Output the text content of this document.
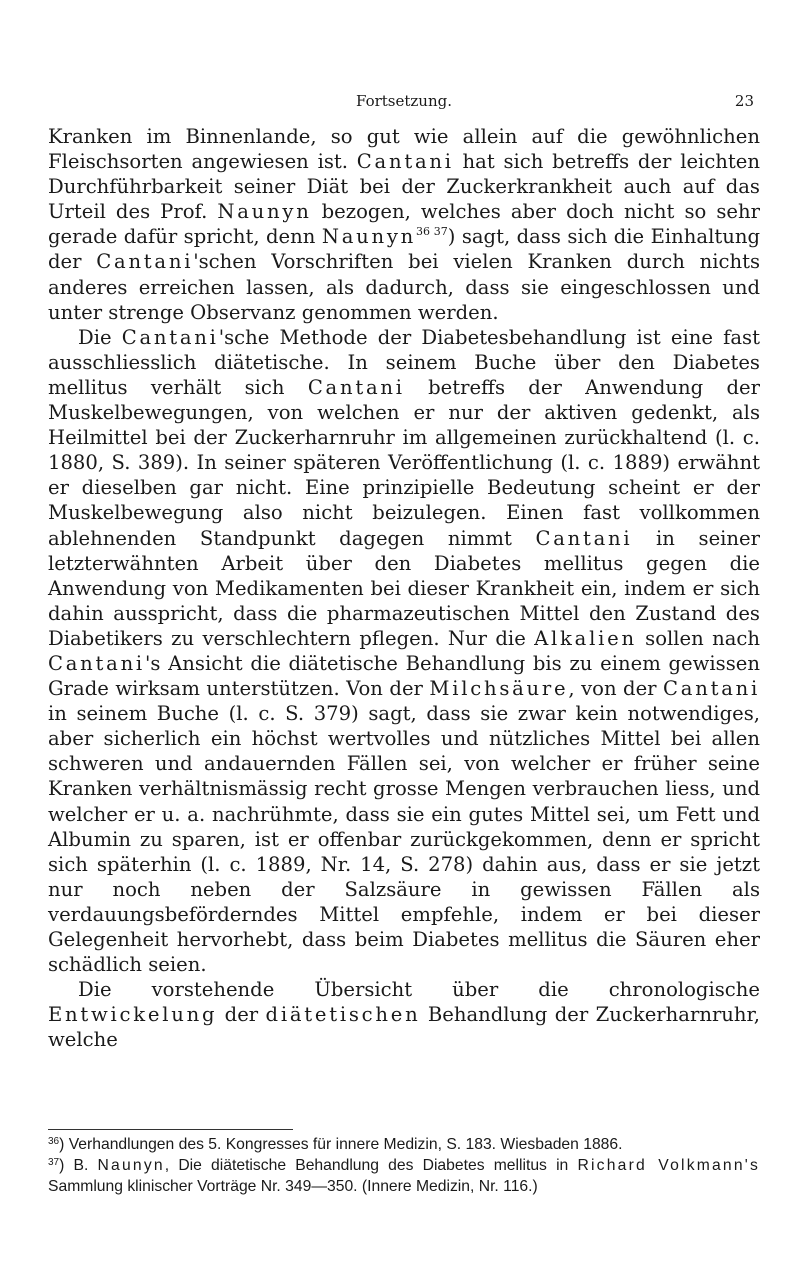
Fortsetzung.	23

Kranken im Binnenlande, so gut wie allein auf die gewöhnlichen Fleischsorten angewiesen ist. Cantani hat sich betreffs der leichten Durchführbarkeit seiner Diät bei der Zuckerkrankheit auch auf das Urteil des Prof. Naunyn bezogen, welches aber doch nicht so sehr gerade dafür spricht, denn Naunyn$^{36 37}$) sagt, dass sich die Einhaltung der Cantani'schen Vorschriften bei vielen Kranken durch nichts anderes erreichen lassen, als dadurch, dass sie eingeschlossen und unter strenge Observanz genommen werden.

Die Cantani'sche Methode der Diabetesbehandlung ist eine fast ausschliesslich diätetische. In seinem Buche über den Diabetes mellitus verhält sich Cantani betreffs der Anwendung der Muskelbewegungen, von welchen er nur der aktiven gedenkt, als Heilmittel bei der Zuckerharnruhr im allgemeinen zurückhaltend (l. c. 1880, S. 389). In seiner späteren Veröffentlichung (l. c. 1889) erwähnt er dieselben gar nicht. Eine prinzipielle Bedeutung scheint er der Muskelbewegung also nicht beizulegen. Einen fast vollkommen ablehnenden Standpunkt dagegen nimmt Cantani in seiner letzterwähnten Arbeit über den Diabetes mellitus gegen die Anwendung von Medikamenten bei dieser Krankheit ein, indem er sich dahin ausspricht, dass die pharmazeutischen Mittel den Zustand des Diabetikers zu verschlechtern pflegen. Nur die Alkalien sollen nach Cantani's Ansicht die diätetische Behandlung bis zu einem gewissen Grade wirksam unterstützen. Von der Milchsäure, von der Cantani in seinem Buche (l. c. S. 379) sagt, dass sie zwar kein notwendiges, aber sicherlich ein höchst wertvolles und nützliches Mittel bei allen schweren und andauernden Fällen sei, von welcher er früher seine Kranken verhältnismässig recht grosse Mengen verbrauchen liess, und welcher er u. a. nachrühmte, dass sie ein gutes Mittel sei, um Fett und Albumin zu sparen, ist er offenbar zurückgekommen, denn er spricht sich späterhin (l. c. 1889, Nr. 14, S. 278) dahin aus, dass er sie jetzt nur noch neben der Salzsäure in gewissen Fällen als verdauungsbeförderndes Mittel empfehle, indem er bei dieser Gelegenheit hervorhebt, dass beim Diabetes mellitus die Säuren eher schädlich seien.

Die vorstehende Übersicht über die chronologische Entwickelung der diätetischen Behandlung der Zuckerharnruhr, welche

$^{36}$) Verhandlungen des 5. Kongresses für innere Medizin, S. 183. Wiesbaden 1886.

$^{37}$) B. Naunyn, Die diätetische Behandlung des Diabetes mellitus in Richard Volkmann's Sammlung klinischer Vorträge Nr. 349—350. (Innere Medizin, Nr. 116.)
